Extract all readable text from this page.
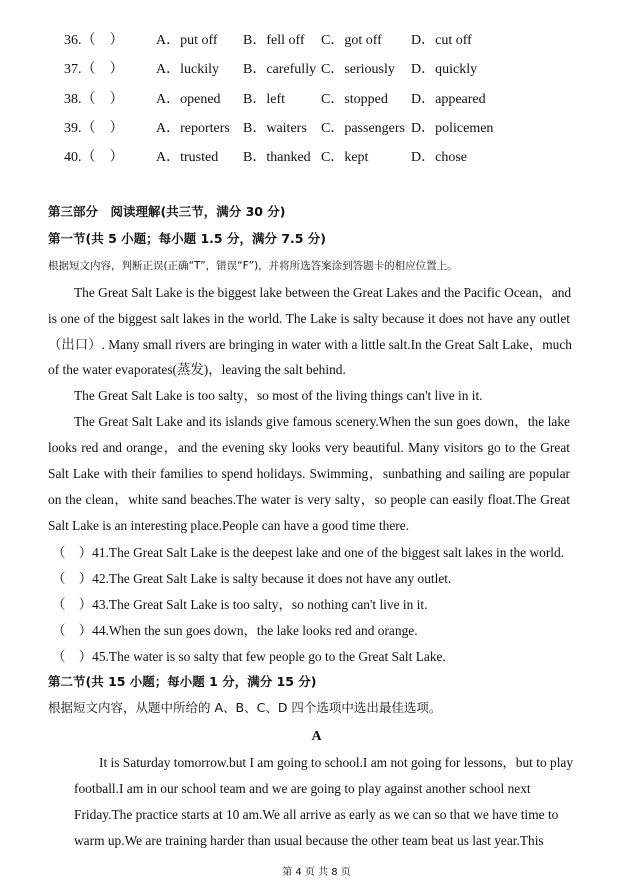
36.（　） A．put off B．fell off C．got off D．cut off
37.（　） A．luckily B．carefully C．seriously D．quickly
38.（　） A．opened B．left	C．stopped D．appeared
39.（　） A．reporters B．waiters C．passengers D．policemen
40.（　） A．trusted B．thanked C．kept	D．chose
第三部分　阅读理解(共三节，满分 30 分)
第一节(共 5 小题；每小题 1.5 分，满分 7.5 分)
根据短文内容，判断正误(正确“T”，错误“F”)，并将所选答案涂到答题卡的相应位置上。
The Great Salt Lake is the biggest lake between the Great Lakes and the Pacific Ocean，and
is one of the biggest salt lakes in the world. The Lake is salty because it does not have any outlet
（出口）. Many small rivers are bringing in water with a little salt.In the Great Salt Lake，much
of the water evaporates(蒸发)，leaving the salt behind.
The Great Salt Lake is too salty，so most of the living things can't live in it.
The Great Salt Lake and its islands give famous scenery.When the sun goes down，the lake
looks red and orange，and the evening sky looks very beautiful. Many visitors go to the Great
Salt Lake with their families to spend holidays. Swimming，sunbathing and sailing are popular
on the clean，white sand beaches.The water is very salty，so people can easily float.The Great
Salt Lake is an interesting place.People can have a good time there.
（　）41.The Great Salt Lake is the deepest lake and one of the biggest salt lakes in the world.
（　）42.The Great Salt Lake is salty because it does not have any outlet.
（　）43.The Great Salt Lake is too salty，so nothing can't live in it.
（　）44.When the sun goes down，the lake looks red and orange.
（　）45.The water is so salty that few people go to the Great Salt Lake.
第二节(共 15 小题；每小题 1 分，满分 15 分)
根据短文内容，从题中所给的 A、B、C、D 四个选项中选出最佳选项。
A
It is Saturday tomorrow.but I am going to school.I am not going for lessons，but to play
football.I am in our school team and we are going to play against another school next
Friday.The practice starts at 10 am.We all arrive as early as we can so that we have time to
warm up.We are training harder than usual because the other team beat us last year.This
第 4 页 共 8 页
